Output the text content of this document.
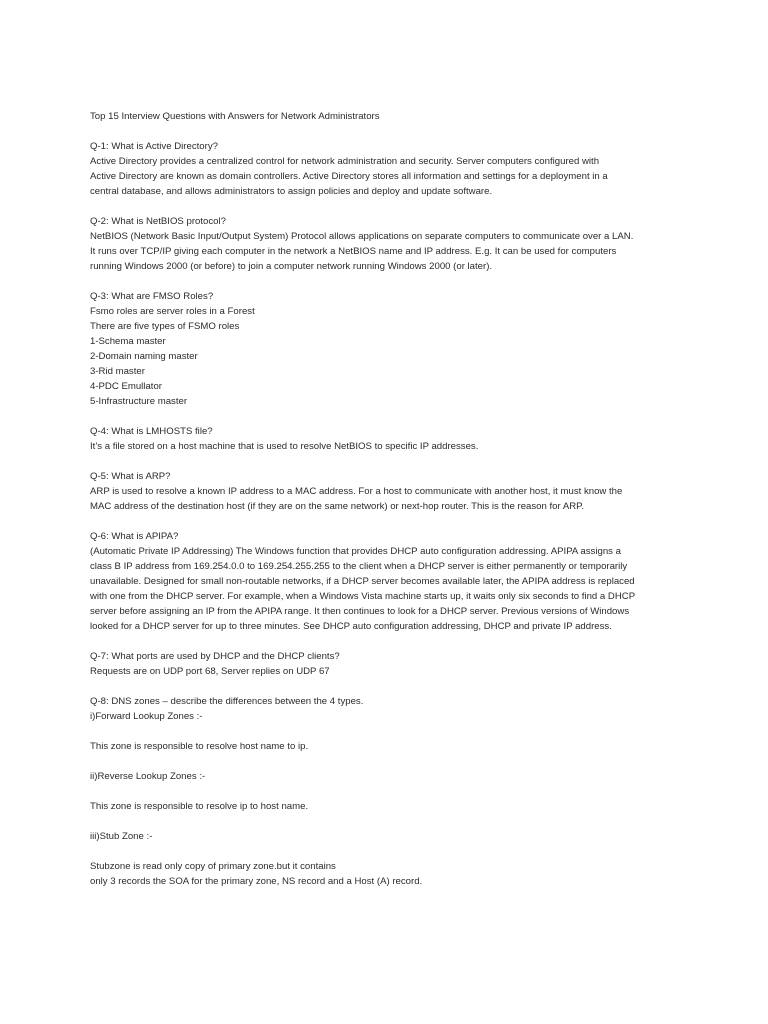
Top 15 Interview Questions with Answers for Network Administrators
Q-1: What is Active Directory?
Active Directory provides a centralized control for network administration and security. Server computers configured with
Active Directory are known as domain controllers. Active Directory stores all information and settings for a deployment in a
central database, and allows administrators to assign policies and deploy and update software.
Q-2: What is NetBIOS protocol?
NetBIOS (Network Basic Input/Output System) Protocol allows applications on separate computers to communicate over a LAN.
It runs over TCP/IP giving each computer in the network a NetBIOS name and IP address. E.g. It can be used for computers
running Windows 2000 (or before) to join a computer network running Windows 2000 (or later).
Q-3: What are FMSO Roles?
Fsmo roles are server roles in a Forest
There are five types of FSMO roles
1-Schema master
2-Domain naming master
3-Rid master
4-PDC Emullator
5-Infrastructure master
Q-4: What is LMHOSTS file?
It’s a file stored on a host machine that is used to resolve NetBIOS to specific IP addresses.
Q-5: What is ARP?
ARP is used to resolve a known IP address to a MAC address. For a host to communicate with another host, it must know the
MAC address of the destination host (if they are on the same network) or next-hop router. This is the reason for ARP.
Q-6: What is APIPA?
(Automatic Private IP Addressing) The Windows function that provides DHCP auto configuration addressing. APIPA assigns a
class B IP address from 169.254.0.0 to 169.254.255.255 to the client when a DHCP server is either permanently or temporarily
unavailable. Designed for small non-routable networks, if a DHCP server becomes available later, the APIPA address is replaced
with one from the DHCP server. For example, when a Windows Vista machine starts up, it waits only six seconds to find a DHCP
server before assigning an IP from the APIPA range. It then continues to look for a DHCP server. Previous versions of Windows
looked for a DHCP server for up to three minutes. See DHCP auto configuration addressing, DHCP and private IP address.
Q-7: What ports are used by DHCP and the DHCP clients?
Requests are on UDP port 68, Server replies on UDP 67
Q-8: DNS zones – describe the differences between the 4 types.
i)Forward Lookup Zones :-
This zone is responsible to resolve host name to ip.
ii)Reverse Lookup Zones :-
This zone is responsible to resolve ip to host name.
iii)Stub Zone :-
Stubzone is read only copy of primary zone.but it contains
only 3 records the SOA for the primary zone, NS record and a Host (A) record.
